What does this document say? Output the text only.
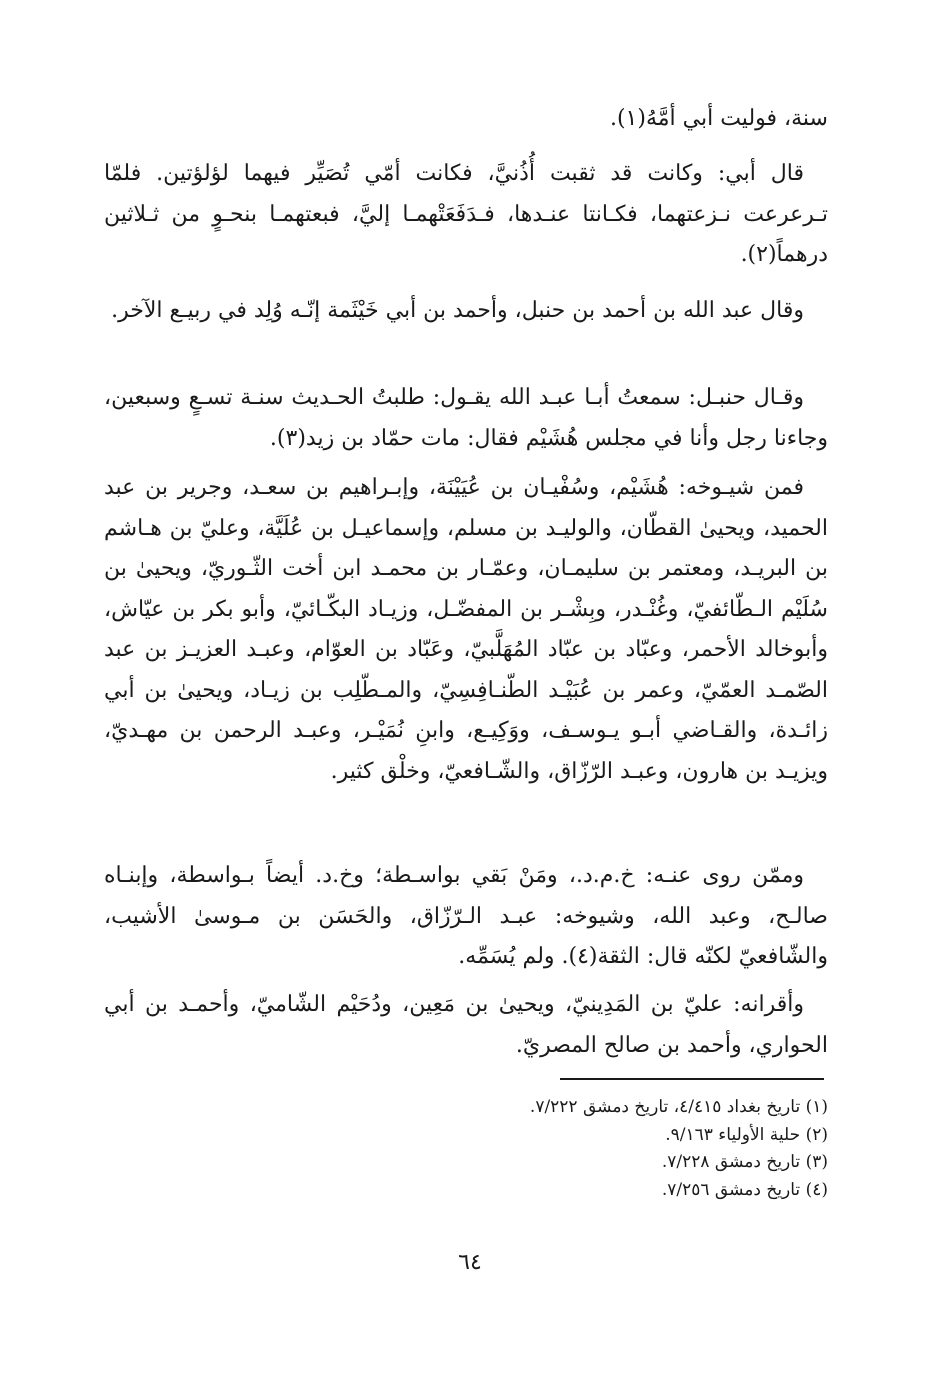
سنة، فوليت أبي أمَّهُ(١).

قال أبي: وكانت قد ثقبت أُذُنيَّ، فكانت أمّي تُصَيِّر فيهما لؤلؤتين. فلمّا تـرعرعت نـزعتهما، فكـانتا عنـدها، فـدَفَعَتْهمـا إليَّ، فبعتهمـا بنحـوٍ من ثـلاثين درهماً(٢).

وقال عبد الله بن أحمد بن حنبل، وأحمد بن أبي خَيْثَمة إنّـه وُلِد في ربيـع الآخر.

وقـال حنبـل: سمعتُ أبـا عبـد الله يقـول: طلبتُ الحـديث سنـة تسـعٍ وسبعين، وجاءنا رجل وأنا في مجلس هُشَيْم فقال: مات حمّاد بن زيد(٣).

فمن شيـوخه: هُشَيْم، وسُفْيـان بن عُيَيْنَة، وإبـراهيم بن سعـد، وجرير بن عبد الحميد، ويحيىٰ القطّان، والوليـد بن مسلم، وإسماعيـل بن عُلَيَّة، وعليّ بن هـاشم بن البريـد، ومعتمر بن سليمـان، وعمّـار بن محمـد ابن أخت الثّـوريّ، ويحيىٰ بن سُلَيْم الـطّائفيّ، وغُنْـدر، وبِشْـر بن المفضّـل، وزيـاد البكّـائيّ، وأبو بكر بن عيّاش، وأبوخالد الأحمر، وعبّاد بن عبّاد المُهَلَّبيّ، وعَبّاد بن العوّام، وعبـد العزيـز بن عبد الصّمـد العمّيّ، وعمر بن عُبَيْـد الطّنـافِسِيّ، والمـطّلِب بن زيـاد، ويحيىٰ بن أبي زائـدة، والقـاضي أبـو يـوسـف، ووَكِيـع، وابنِ نُمَيْـر، وعبـد الرحمن بن مهـديّ، ويزيـد بن هارون، وعبـد الرّزّاق، والشّـافعيّ، وخلْق كثير.

وممّن روى عنـه: خ.م.د.، ومَنْ بَقي بواسـطة؛ وخ.د. أيضاً بـواسطة، وإبنـاه صالـح، وعبد الله، وشيوخه: عبـد الـرّزّاق، والحَسَن بن مـوسىٰ الأشيب، والشّافعيّ لكنّه قال: الثقة(٤). ولم يُسَمِّه.

وأقرانه: عليّ بن المَدِينيّ، ويحيىٰ بن مَعِين، ودُحَيْم الشّاميّ، وأحمـد بن أبي الحواري، وأحمد بن صالح المصريّ.

(١) تاريخ بغداد ٤/٤١٥، تاريخ دمشق ٧/٢٢٢.
(٢) حلية الأولياء ٩/١٦٣.
(٣) تاريخ دمشق ٧/٢٢٨.
(٤) تاريخ دمشق ٧/٢٥٦.
٦٤
